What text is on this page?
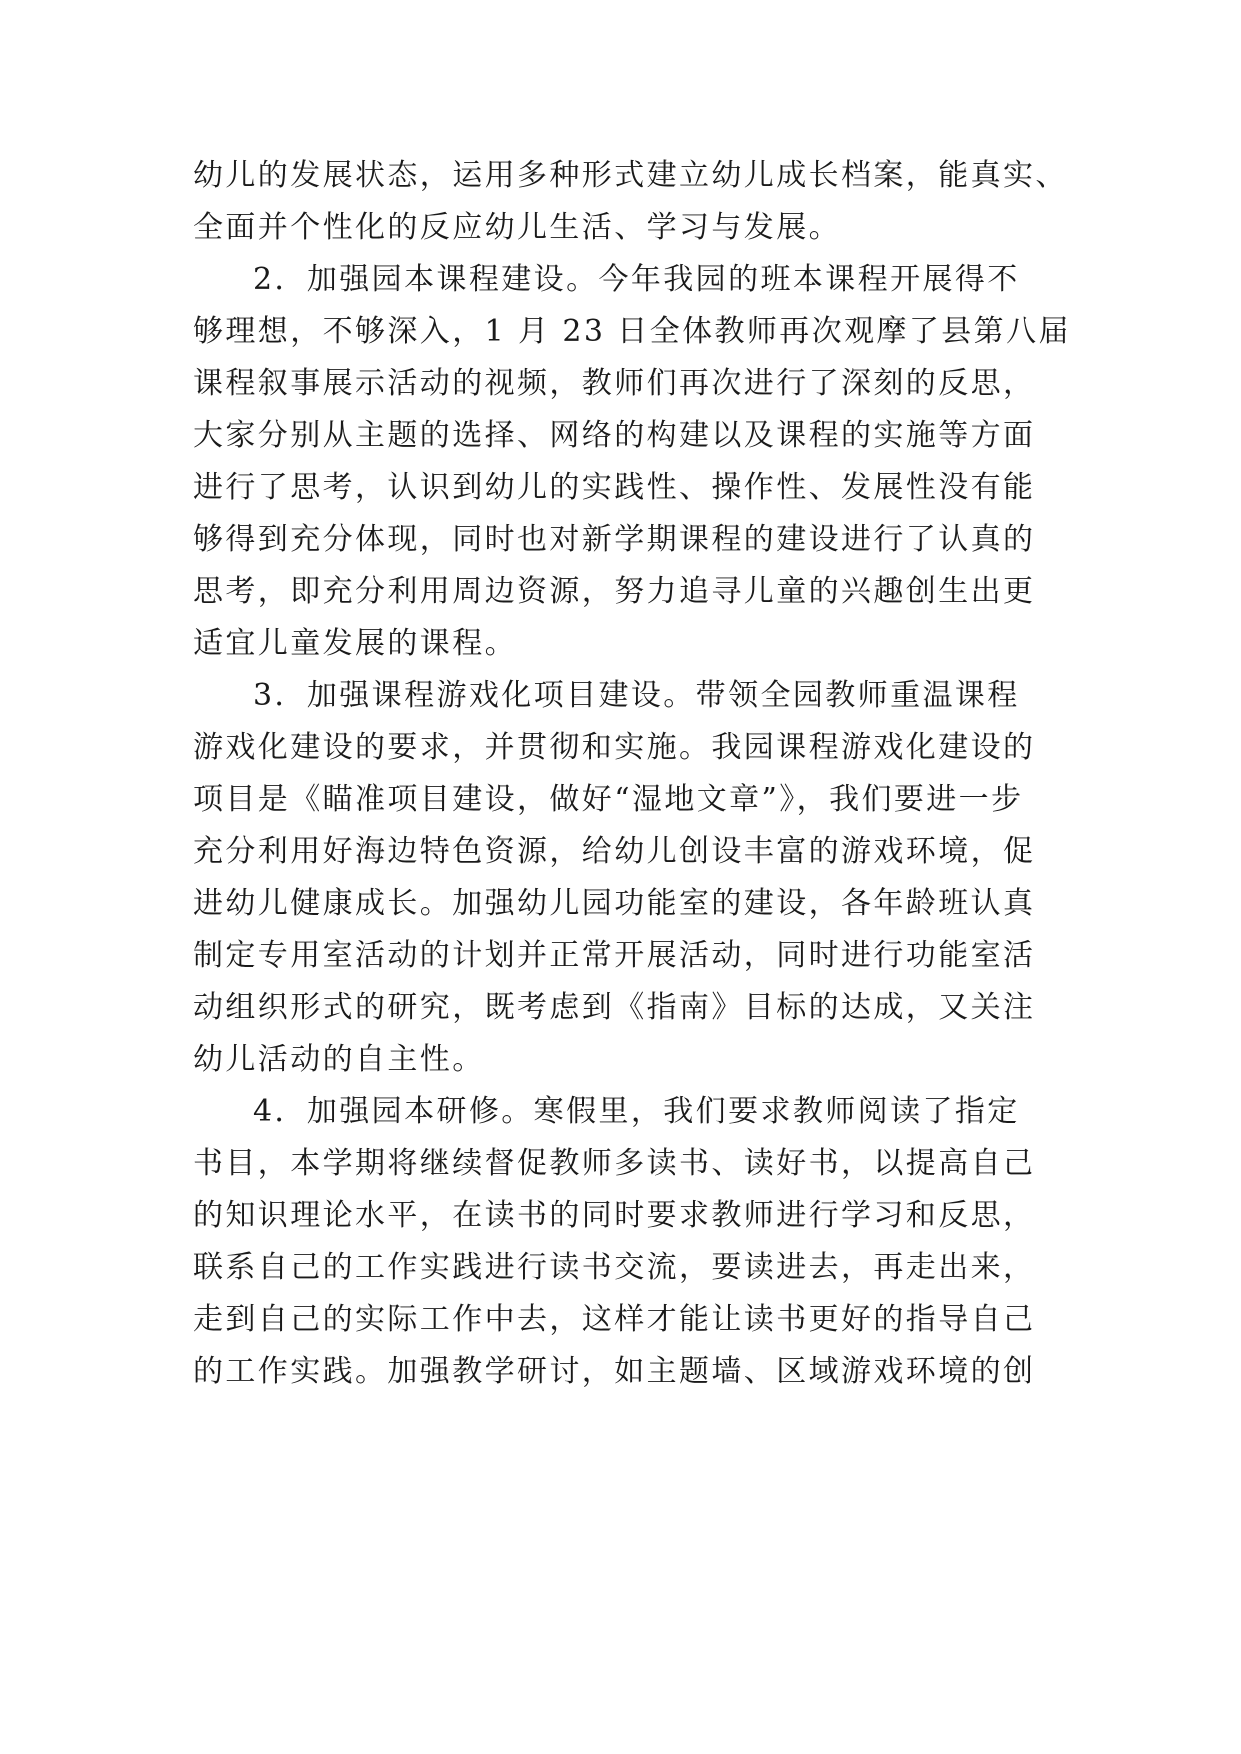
幼儿的发展状态，运用多种形式建立幼儿成长档案，能真实、
全面并个性化的反应幼儿生活、学习与发展。
2．加强园本课程建设。今年我园的班本课程开展得不
够理想，不够深入，1 月 23 日全体教师再次观摩了县第八届
课程叙事展示活动的视频，教师们再次进行了深刻的反思，
大家分别从主题的选择、网络的构建以及课程的实施等方面
进行了思考，认识到幼儿的实践性、操作性、发展性没有能
够得到充分体现，同时也对新学期课程的建设进行了认真的
思考，即充分利用周边资源，努力追寻儿童的兴趣创生出更
适宜儿童发展的课程。
3．加强课程游戏化项目建设。带领全园教师重温课程
游戏化建设的要求，并贯彻和实施。我园课程游戏化建设的
项目是《瞄准项目建设，做好“湿地文章”》，我们要进一步
充分利用好海边特色资源，给幼儿创设丰富的游戏环境，促
进幼儿健康成长。加强幼儿园功能室的建设，各年龄班认真
制定专用室活动的计划并正常开展活动，同时进行功能室活
动组织形式的研究，既考虑到《指南》目标的达成，又关注
幼儿活动的自主性。
4．加强园本研修。寒假里，我们要求教师阅读了指定
书目，本学期将继续督促教师多读书、读好书，以提高自己
的知识理论水平，在读书的同时要求教师进行学习和反思，
联系自己的工作实践进行读书交流，要读进去，再走出来，
走到自己的实际工作中去，这样才能让读书更好的指导自己
的工作实践。加强教学研讨，如主题墙、区域游戏环境的创
